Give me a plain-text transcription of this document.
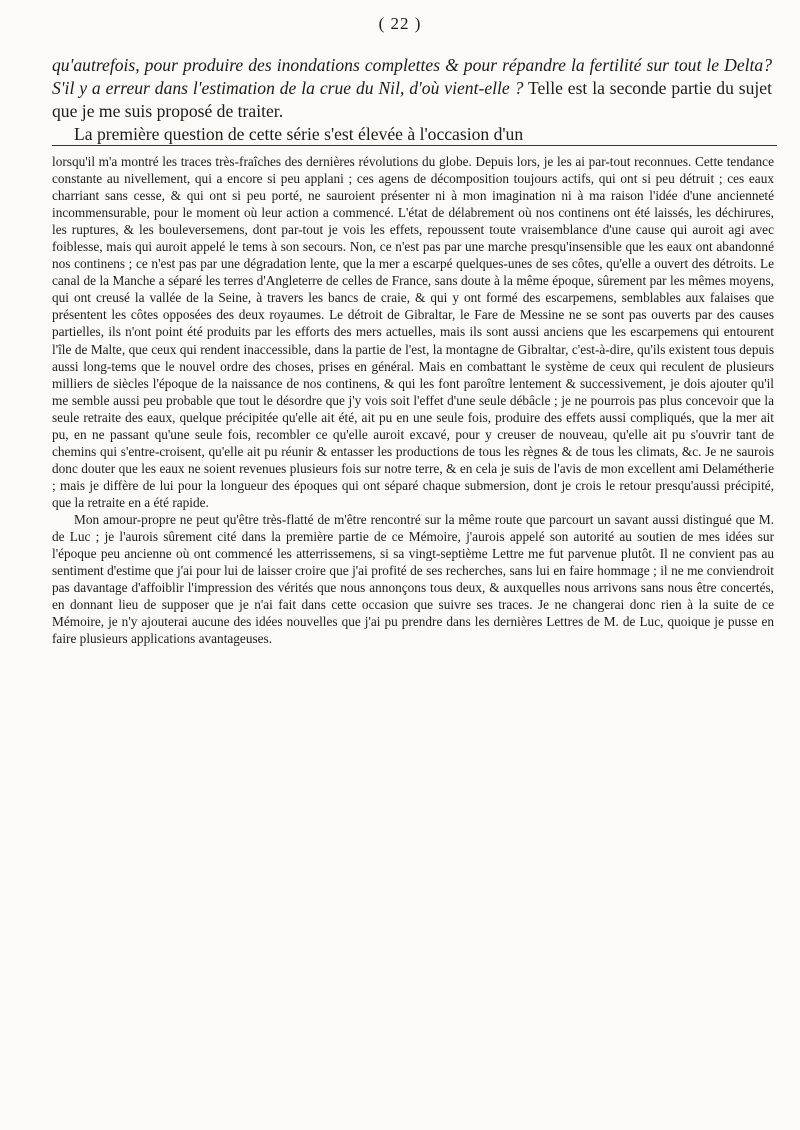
( 22 )

qu'autrefois, pour produire des inondations complettes & pour répandre la fertilité sur tout le Delta? S'il y a erreur dans l'estimation de la crue du Nil, d'où vient-elle ? Telle est la seconde partie du sujet que je me suis proposé de traiter.

La première question de cette série s'est élevée à l'occasion d'un

lorsqu'il m'a montré les traces très-fraîches des dernières révolutions du globe. Depuis lors, je les ai par-tout reconnues. Cette tendance constante au nivellement, qui a encore si peu applani ; ces agens de décomposition toujours actifs, qui ont si peu détruit ; ces eaux charriant sans cesse, & qui ont si peu porté, ne sauroient présenter ni à mon imagination ni à ma raison l'idée d'une ancienneté incommensurable, pour le moment où leur action a commencé. L'état de délabrement où nos continens ont été laissés, les déchirures, les ruptures, & les bouleversemens, dont par-tout je vois les effets, repoussent toute vraisemblance d'une cause qui auroit agi avec foiblesse, mais qui auroit appelé le tems à son secours. Non, ce n'est pas par une marche presqu'insensible que les eaux ont abandonné nos continens ; ce n'est pas par une dégradation lente, que la mer a escarpé quelques-unes de ses côtes, qu'elle a ouvert des détroits. Le canal de la Manche a séparé les terres d'Angleterre de celles de France, sans doute à la même époque, sûrement par les mêmes moyens, qui ont creusé la vallée de la Seine, à travers les bancs de craie, & qui y ont formé des escarpemens, semblables aux falaises que présentent les côtes opposées des deux royaumes. Le détroit de Gibraltar, le Fare de Messine ne se sont pas ouverts par des causes partielles, ils n'ont point été produits par les efforts des mers actuelles, mais ils sont aussi anciens que les escarpemens qui entourent l'île de Malte, que ceux qui rendent inaccessible, dans la partie de l'est, la montagne de Gibraltar, c'est-à-dire, qu'ils existent tous depuis aussi long-tems que le nouvel ordre des choses, prises en général. Mais en combattant le système de ceux qui reculent de plusieurs milliers de siècles l'époque de la naissance de nos continens, & qui les font paroître lentement & successivement, je dois ajouter qu'il me semble aussi peu probable que tout le désordre que j'y vois soit l'effet d'une seule débâcle ; je ne pourrois pas plus concevoir que la seule retraite des eaux, quelque précipitée qu'elle ait été, ait pu en une seule fois, produire des effets aussi compliqués, que la mer ait pu, en ne passant qu'une seule fois, recombler ce qu'elle auroit excavé, pour y creuser de nouveau, qu'elle ait pu s'ouvrir tant de chemins qui s'entre-croisent, qu'elle ait pu réunir & entasser les productions de tous les règnes & de tous les climats, &c. Je ne saurois donc douter que les eaux ne soient revenues plusieurs fois sur notre terre, & en cela je suis de l'avis de mon excellent ami Delamétherie ; mais je diffère de lui pour la longueur des époques qui ont séparé chaque submersion, dont je crois le retour presqu'aussi précipité, que la retraite en a été rapide.

Mon amour-propre ne peut qu'être très-flatté de m'être rencontré sur la même route que parcourt un savant aussi distingué que M. de Luc ; je l'aurois sûrement cité dans la première partie de ce Mémoire, j'aurois appelé son autorité au soutien de mes idées sur l'époque peu ancienne où ont commencé les atterrissemens, si sa vingt-septième Lettre me fut parvenue plutôt. Il ne convient pas au sentiment d'estime que j'ai pour lui de laisser croire que j'ai profité de ses recherches, sans lui en faire hommage ; il ne me conviendroit pas davantage d'affoiblir l'impression des vérités que nous annonçons tous deux, & auxquelles nous arrivons sans nous être concertés, en donnant lieu de supposer que je n'ai fait dans cette occasion que suivre ses traces. Je ne changerai donc rien à la suite de ce Mémoire, je n'y ajouterai aucune des idées nouvelles que j'ai pu prendre dans les dernières Lettres de M. de Luc, quoique je pusse en faire plusieurs applications avantageuses.
